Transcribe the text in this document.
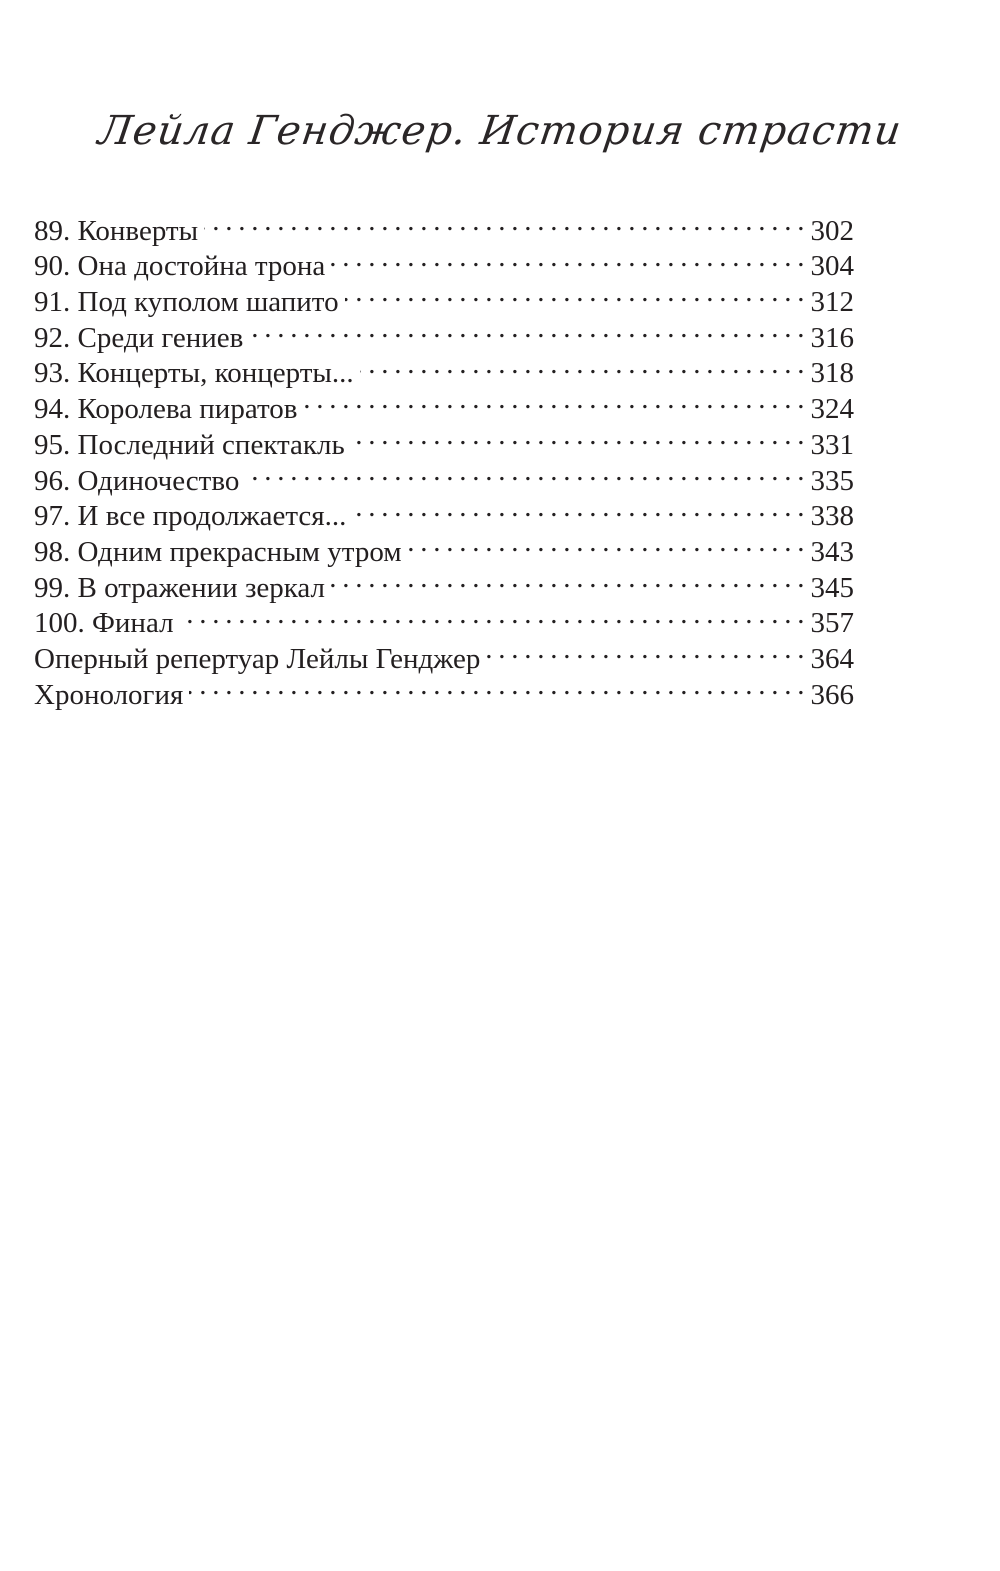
Лейла Генджер. История страсти
89. Конверты . . .	302
90. Она достойна трона . . .	304
91. Под куполом шапито . . .	312
92. Среди гениев . . .	316
93. Концерты, концерты... . . .	318
94. Королева пиратов . . .	324
95. Последний спектакль . . .	331
96. Одиночество . . .	335
97. И все продолжается... . . .	338
98. Одним прекрасным утром . . .	343
99. В отражении зеркал . . .	345
100. Финал . . .	357
Оперный репертуар Лейлы Генджер . . .	364
Хронология . . .	366
